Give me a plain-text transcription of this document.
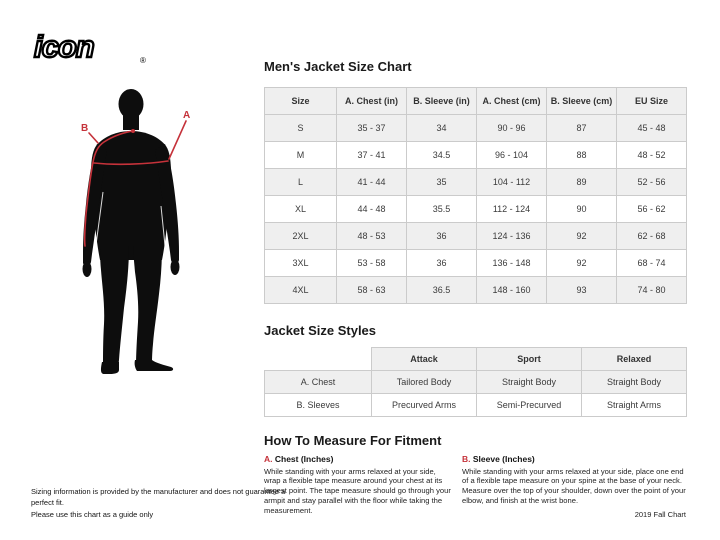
icon	®
A
B
Men's Jacket Size Chart
Size	A. Chest (in)	B. Sleeve (in)	A. Chest (cm)	B. Sleeve (cm)	EU Size
S	35 - 37	34	90 - 96	87	45 - 48
M	37 - 41	34.5	96 - 104	88	48 - 52
L	41 - 44	35	104 - 112	89	52 - 56
XL	44 - 48	35.5	112 - 124	90	56 - 62
2XL	48 - 53	36	124 - 136	92	62 - 68
3XL	53 - 58	36	136 - 148	92	68 - 74
4XL	58 - 63	36.5	148 - 160	93	74 - 80
Jacket Size Styles
	Attack	Sport	Relaxed
A. Chest	Tailored Body	Straight Body	Straight Body
B. Sleeves	Precurved Arms	Semi-Precurved	Straight Arms
How To Measure For Fitment
A. Chest (Inches)
While standing with your arms relaxed at your side, wrap a flexible tape measure around your chest at its largest point. The tape measure should go through your armpit and stay parallel with the floor while taking the measurement.
B. Sleeve (Inches)
While standing with your arms relaxed at your side, place one end of a flexible tape measure on your spine at the base of your neck. Measure over the top of your shoulder, down over the point of your elbow, and finish at the wrist bone.
Sizing information is provided by the manufacturer and does not guarantee a perfect fit.
Please use this chart as a guide only	2019 Fall Chart
